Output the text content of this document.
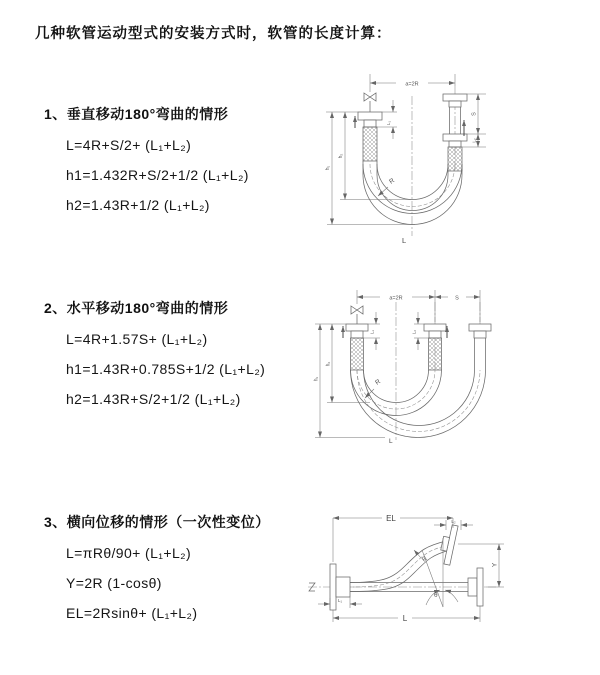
几种软管运动型式的安装方式时，软管的长度计算：
1、垂直移动180°弯曲的情形
L=4R+S/2+ (L₁+L₂)
h1=1.432R+S/2+1/2 (L₁+L₂)
h2=1.43R+1/2 (L₁+L₂)
2、水平移动180°弯曲的情形
L=4R+1.57S+ (L₁+L₂)
h1=1.43R+0.785S+1/2 (L₁+L₂)
h2=1.43R+S/2+1/2 (L₁+L₂)
3、横向位移的情形（一次性变位）
L=πRθ/90+ (L₁+L₂)
Y=2R (1-cosθ)
EL=2Rsinθ+ (L₁+L₂)
a=2R
R
L
h₁
h₂
L₁
S
L₂
a=2R	S
h₁
h₂
L₁	L₂
R
L
EL	L₂
Y
L
L₁
θ
R
